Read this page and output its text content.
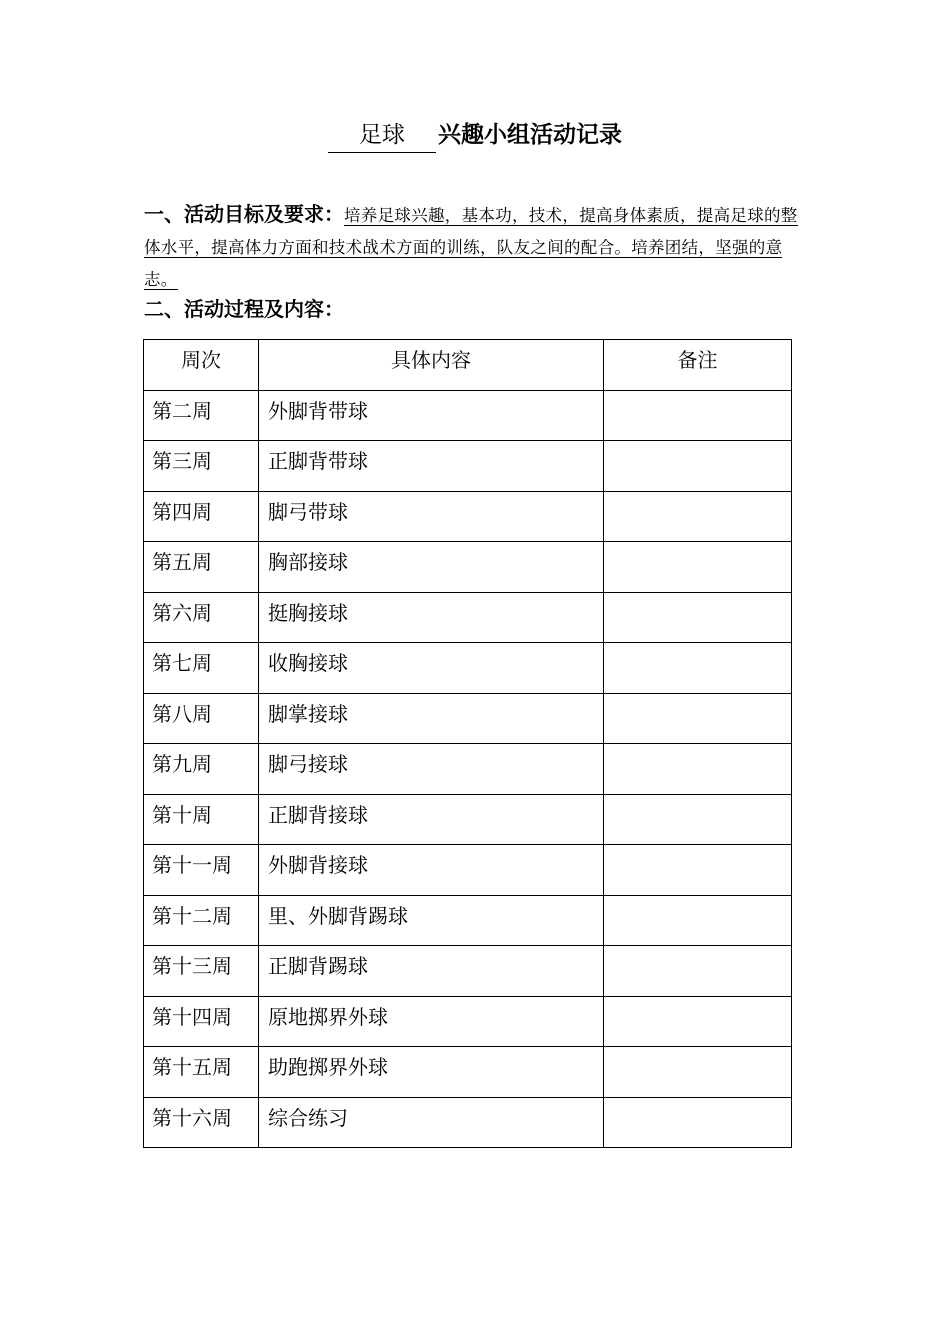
足球 兴趣小组活动记录
一、活动目标及要求：培养足球兴趣，基本功，技术，提高身体素质，提高足球的整体水平，提高体力方面和技术战术方面的训练，队友之间的配合。培养团结，坚强的意志。
二、活动过程及内容：
周次	具体内容	备注
第二周	外脚背带球	
第三周	正脚背带球	
第四周	脚弓带球	
第五周	胸部接球	
第六周	挺胸接球	
第七周	收胸接球	
第八周	脚掌接球	
第九周	脚弓接球	
第十周	正脚背接球	
第十一周	外脚背接球	
第十二周	里、外脚背踢球	
第十三周	正脚背踢球	
第十四周	原地掷界外球	
第十五周	助跑掷界外球	
第十六周	综合练习	
